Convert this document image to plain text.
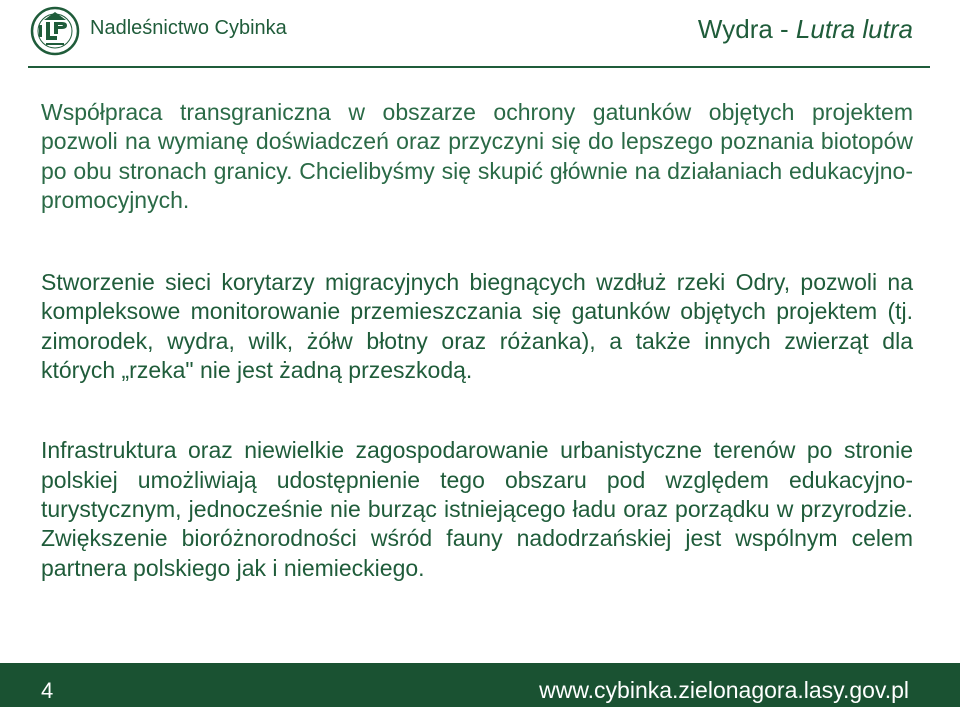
Nadleśnictwo Cybinka	Wydra - Lutra lutra

Współpraca transgraniczna w obszarze ochrony gatunków objętych projektem pozwoli na wymianę doświadczeń oraz przyczyni się do lepszego poznania biotopów po obu stronach granicy. Chcielibyśmy się skupić głównie na działaniach edukacyjno-promocyjnych.

Stworzenie sieci korytarzy migracyjnych biegnących wzdłuż rzeki Odry, pozwoli na kompleksowe monitorowanie przemieszczania się gatunków objętych projektem (tj. zimorodek, wydra, wilk, żółw błotny oraz różanka), a także innych zwierząt dla których „rzeka" nie jest żadną przeszkodą.

Infrastruktura oraz niewielkie zagospodarowanie urbanistyczne terenów po stronie polskiej umożliwiają udostępnienie tego obszaru pod względem edukacyjno-turystycznym, jednocześnie nie burząc istniejącego ładu oraz porządku w przyrodzie. Zwiększenie bioróżnorodności wśród fauny nadodrzańskiej jest wspólnym celem partnera polskiego jak i niemieckiego.

4	www.cybinka.zielonagora.lasy.gov.pl
